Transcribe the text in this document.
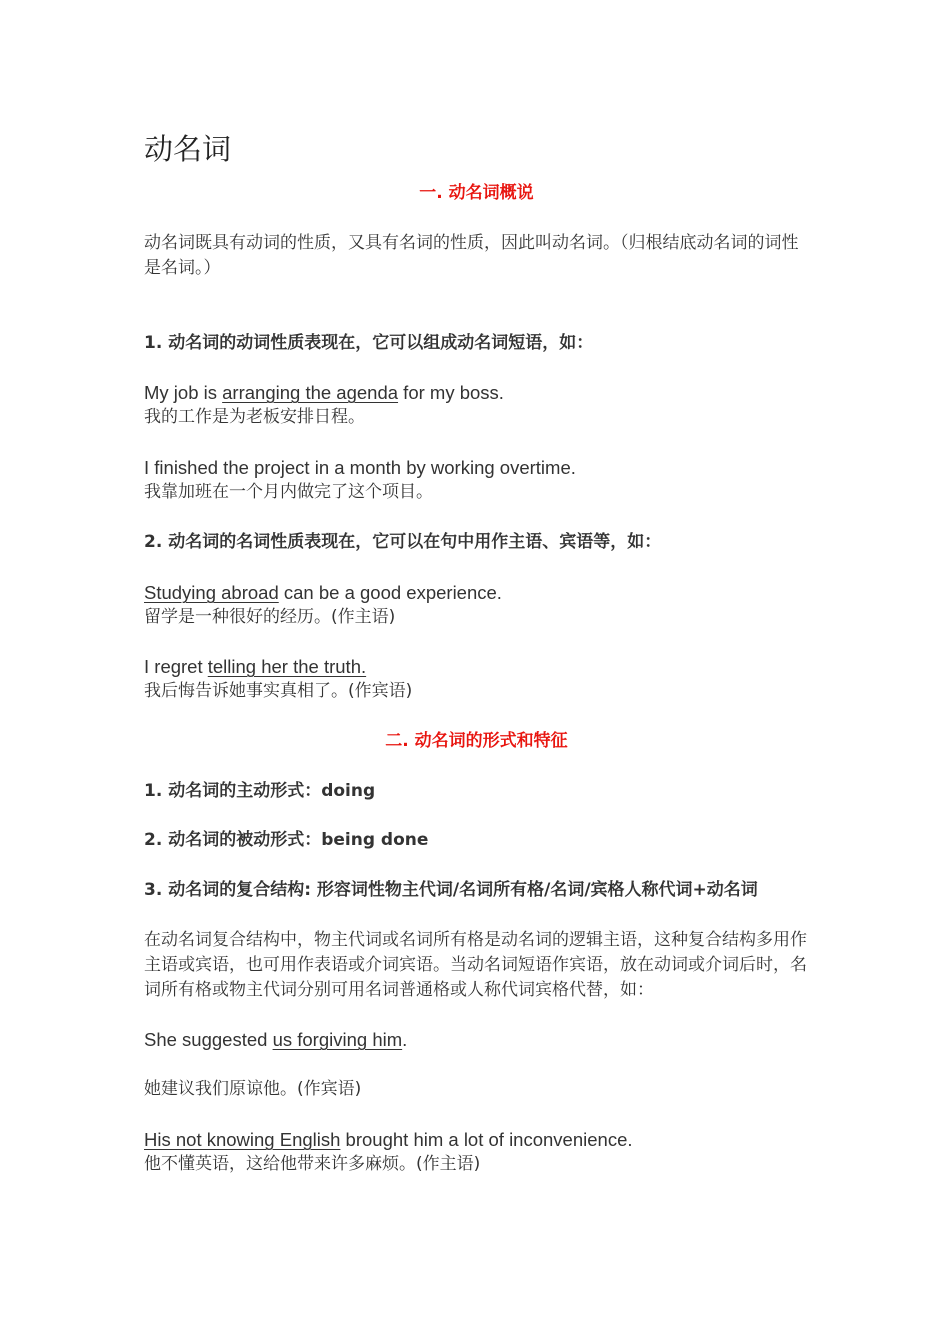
动名词
一. 动名词概说

动名词既具有动词的性质，又具有名词的性质，因此叫动名词。（归根结底动名词的词性是名词。）

1. 动名词的动词性质表现在，它可以组成动名词短语，如：
My job is arranging the agenda for my boss.
我的工作是为老板安排日程。
I finished the project in a month by working overtime.
我靠加班在一个月内做完了这个项目。
2. 动名词的名词性质表现在，它可以在句中用作主语、宾语等，如：
Studying abroad can be a good experience.
留学是一种很好的经历。(作主语)
I regret telling her the truth.
我后悔告诉她事实真相了。(作宾语)
二. 动名词的形式和特征
1. 动名词的主动形式：doing
2. 动名词的被动形式：being done
3. 动名词的复合结构: 形容词性物主代词/名词所有格/名词/宾格人称代词+动名词

在动名词复合结构中，物主代词或名词所有格是动名词的逻辑主语，这种复合结构多用作主语或宾语，也可用作表语或介词宾语。当动名词短语作宾语，放在动词或介词后时，名词所有格或物主代词分别可用名词普通格或人称代词宾格代替，如：

She suggested us forgiving him.
她建议我们原谅他。(作宾语)
His not knowing English brought him a lot of inconvenience.
他不懂英语，这给他带来许多麻烦。(作主语)
